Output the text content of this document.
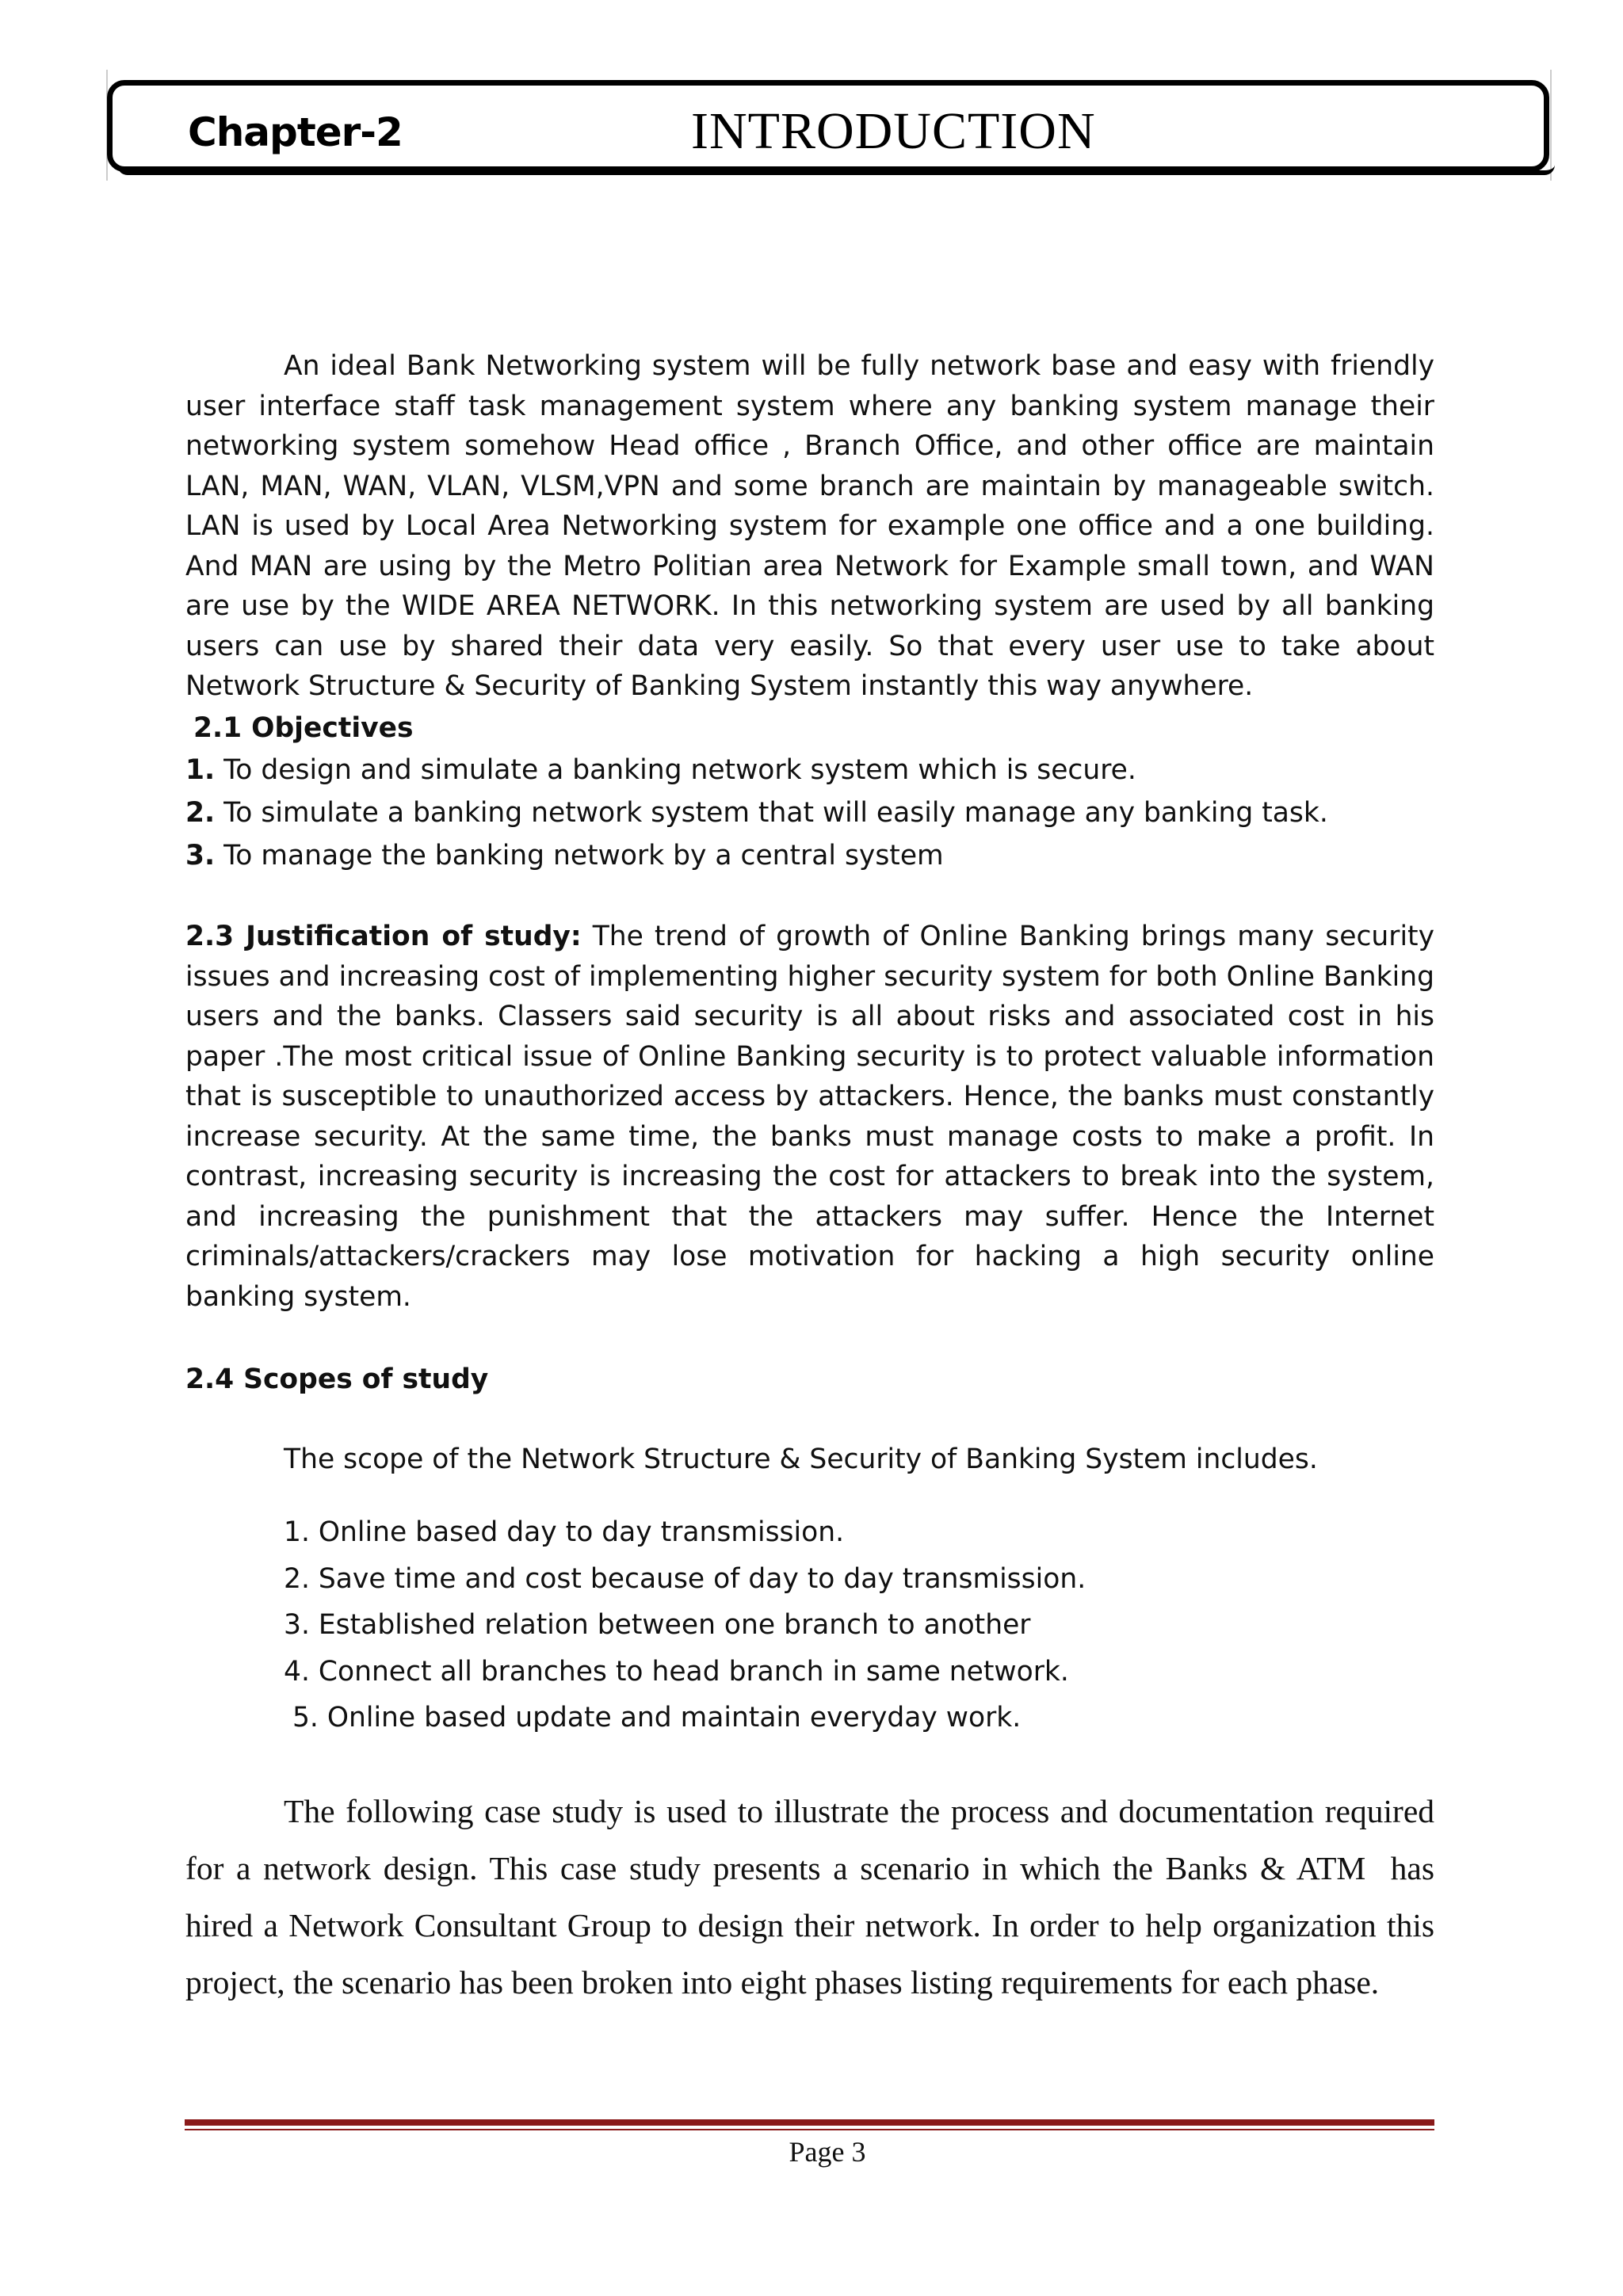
Chapter-2	INTRODUCTION

An ideal Bank Networking system will be fully network base and easy with friendly user interface staff task management system where any banking system manage their networking system somehow Head office , Branch Office, and other office are maintain LAN, MAN, WAN, VLAN, VLSM,VPN and some branch are maintain by manageable switch. LAN is used by Local Area Networking system for example one office and a one building. And MAN are using by the Metro Politian area Network for Example small town, and WAN are use by the WIDE AREA NETWORK. In this networking system are used by all banking users can use by shared their data very easily. So that every user use to take about Network Structure & Security of Banking System instantly this way anywhere.

2.1 Objectives

1. To design and simulate a banking network system which is secure.

2. To simulate a banking network system that will easily manage any banking task.

3. To manage the banking network by a central system

2.3 Justification of study: The trend of growth of Online Banking brings many security issues and increasing cost of implementing higher security system for both Online Banking users and the banks. Classers said security is all about risks and associated cost in his paper .The most critical issue of Online Banking security is to protect valuable information that is susceptible to unauthorized access by attackers. Hence, the banks must constantly increase security. At the same time, the banks must manage costs to make a profit. In contrast, increasing security is increasing the cost for attackers to break into the system, and increasing the punishment that the attackers may suffer. Hence the Internet criminals/attackers/crackers may lose motivation for hacking a high security online banking system.

2.4 Scopes of study

The scope of the Network Structure & Security of Banking System includes.

1. Online based day to day transmission.

2. Save time and cost because of day to day transmission.

3. Established relation between one branch to another

4. Connect all branches to head branch in same network.

5. Online based update and maintain everyday work.

The following case study is used to illustrate the process and documentation required for a network design. This case study presents a scenario in which the Banks & ATM  has hired a Network Consultant Group to design their network. In order to help organization this project, the scenario has been broken into eight phases listing requirements for each phase.

Page 3
